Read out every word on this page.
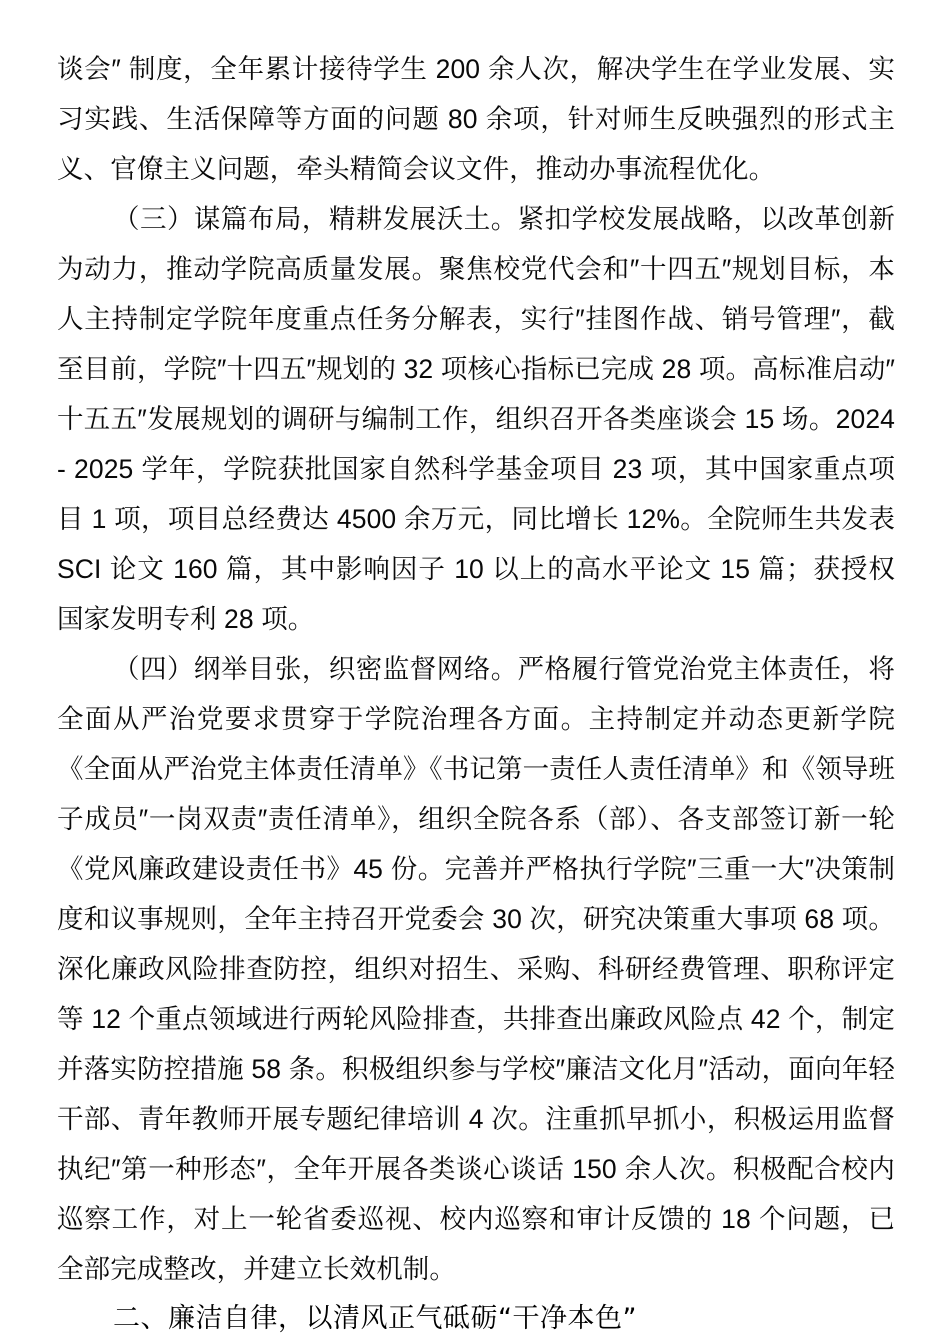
谈会″ 制度，全年累计接待学生 200 余人次，解决学生在学业发展、实习实践、生活保障等方面的问题 80 余项，针对师生反映强烈的形式主义、官僚主义问题，牵头精简会议文件，推动办事流程优化。

（三）谋篇布局，精耕发展沃土。紧扣学校发展战略，以改革创新为动力，推动学院高质量发展。聚焦校党代会和″十四五″规划目标，本人主持制定学院年度重点任务分解表，实行″挂图作战、销号管理″，截至目前，学院″十四五″规划的 32 项核心指标已完成 28 项。高标准启动″十五五″发展规划的调研与编制工作，组织召开各类座谈会 15 场。2024 - 2025 学年，学院获批国家自然科学基金项目 23 项，其中国家重点项目 1 项，项目总经费达 4500 余万元，同比增长 12%。全院师生共发表 SCI 论文 160 篇，其中影响因子 10 以上的高水平论文 15 篇；获授权国家发明专利 28 项。

（四）纲举目张，织密监督网络。严格履行管党治党主体责任，将全面从严治党要求贯穿于学院治理各方面。主持制定并动态更新学院《全面从严治党主体责任清单》《书记第一责任人责任清单》和《领导班子成员″一岗双责″责任清单》，组织全院各系（部）、各支部签订新一轮《党风廉政建设责任书》45 份。完善并严格执行学院″三重一大″决策制度和议事规则，全年主持召开党委会 30 次，研究决策重大事项 68 项。深化廉政风险排查防控，组织对招生、采购、科研经费管理、职称评定等 12 个重点领域进行两轮风险排查，共排查出廉政风险点 42 个，制定并落实防控措施 58 条。积极组织参与学校″廉洁文化月″活动，面向年轻干部、青年教师开展专题纪律培训 4 次。注重抓早抓小，积极运用监督执纪″第一种形态″，全年开展各类谈心谈话 150 余人次。积极配合校内巡察工作，对上一轮省委巡视、校内巡察和审计反馈的 18 个问题，已全部完成整改，并建立长效机制。

二、廉洁自律，以清风正气砥砺“干净本色”
